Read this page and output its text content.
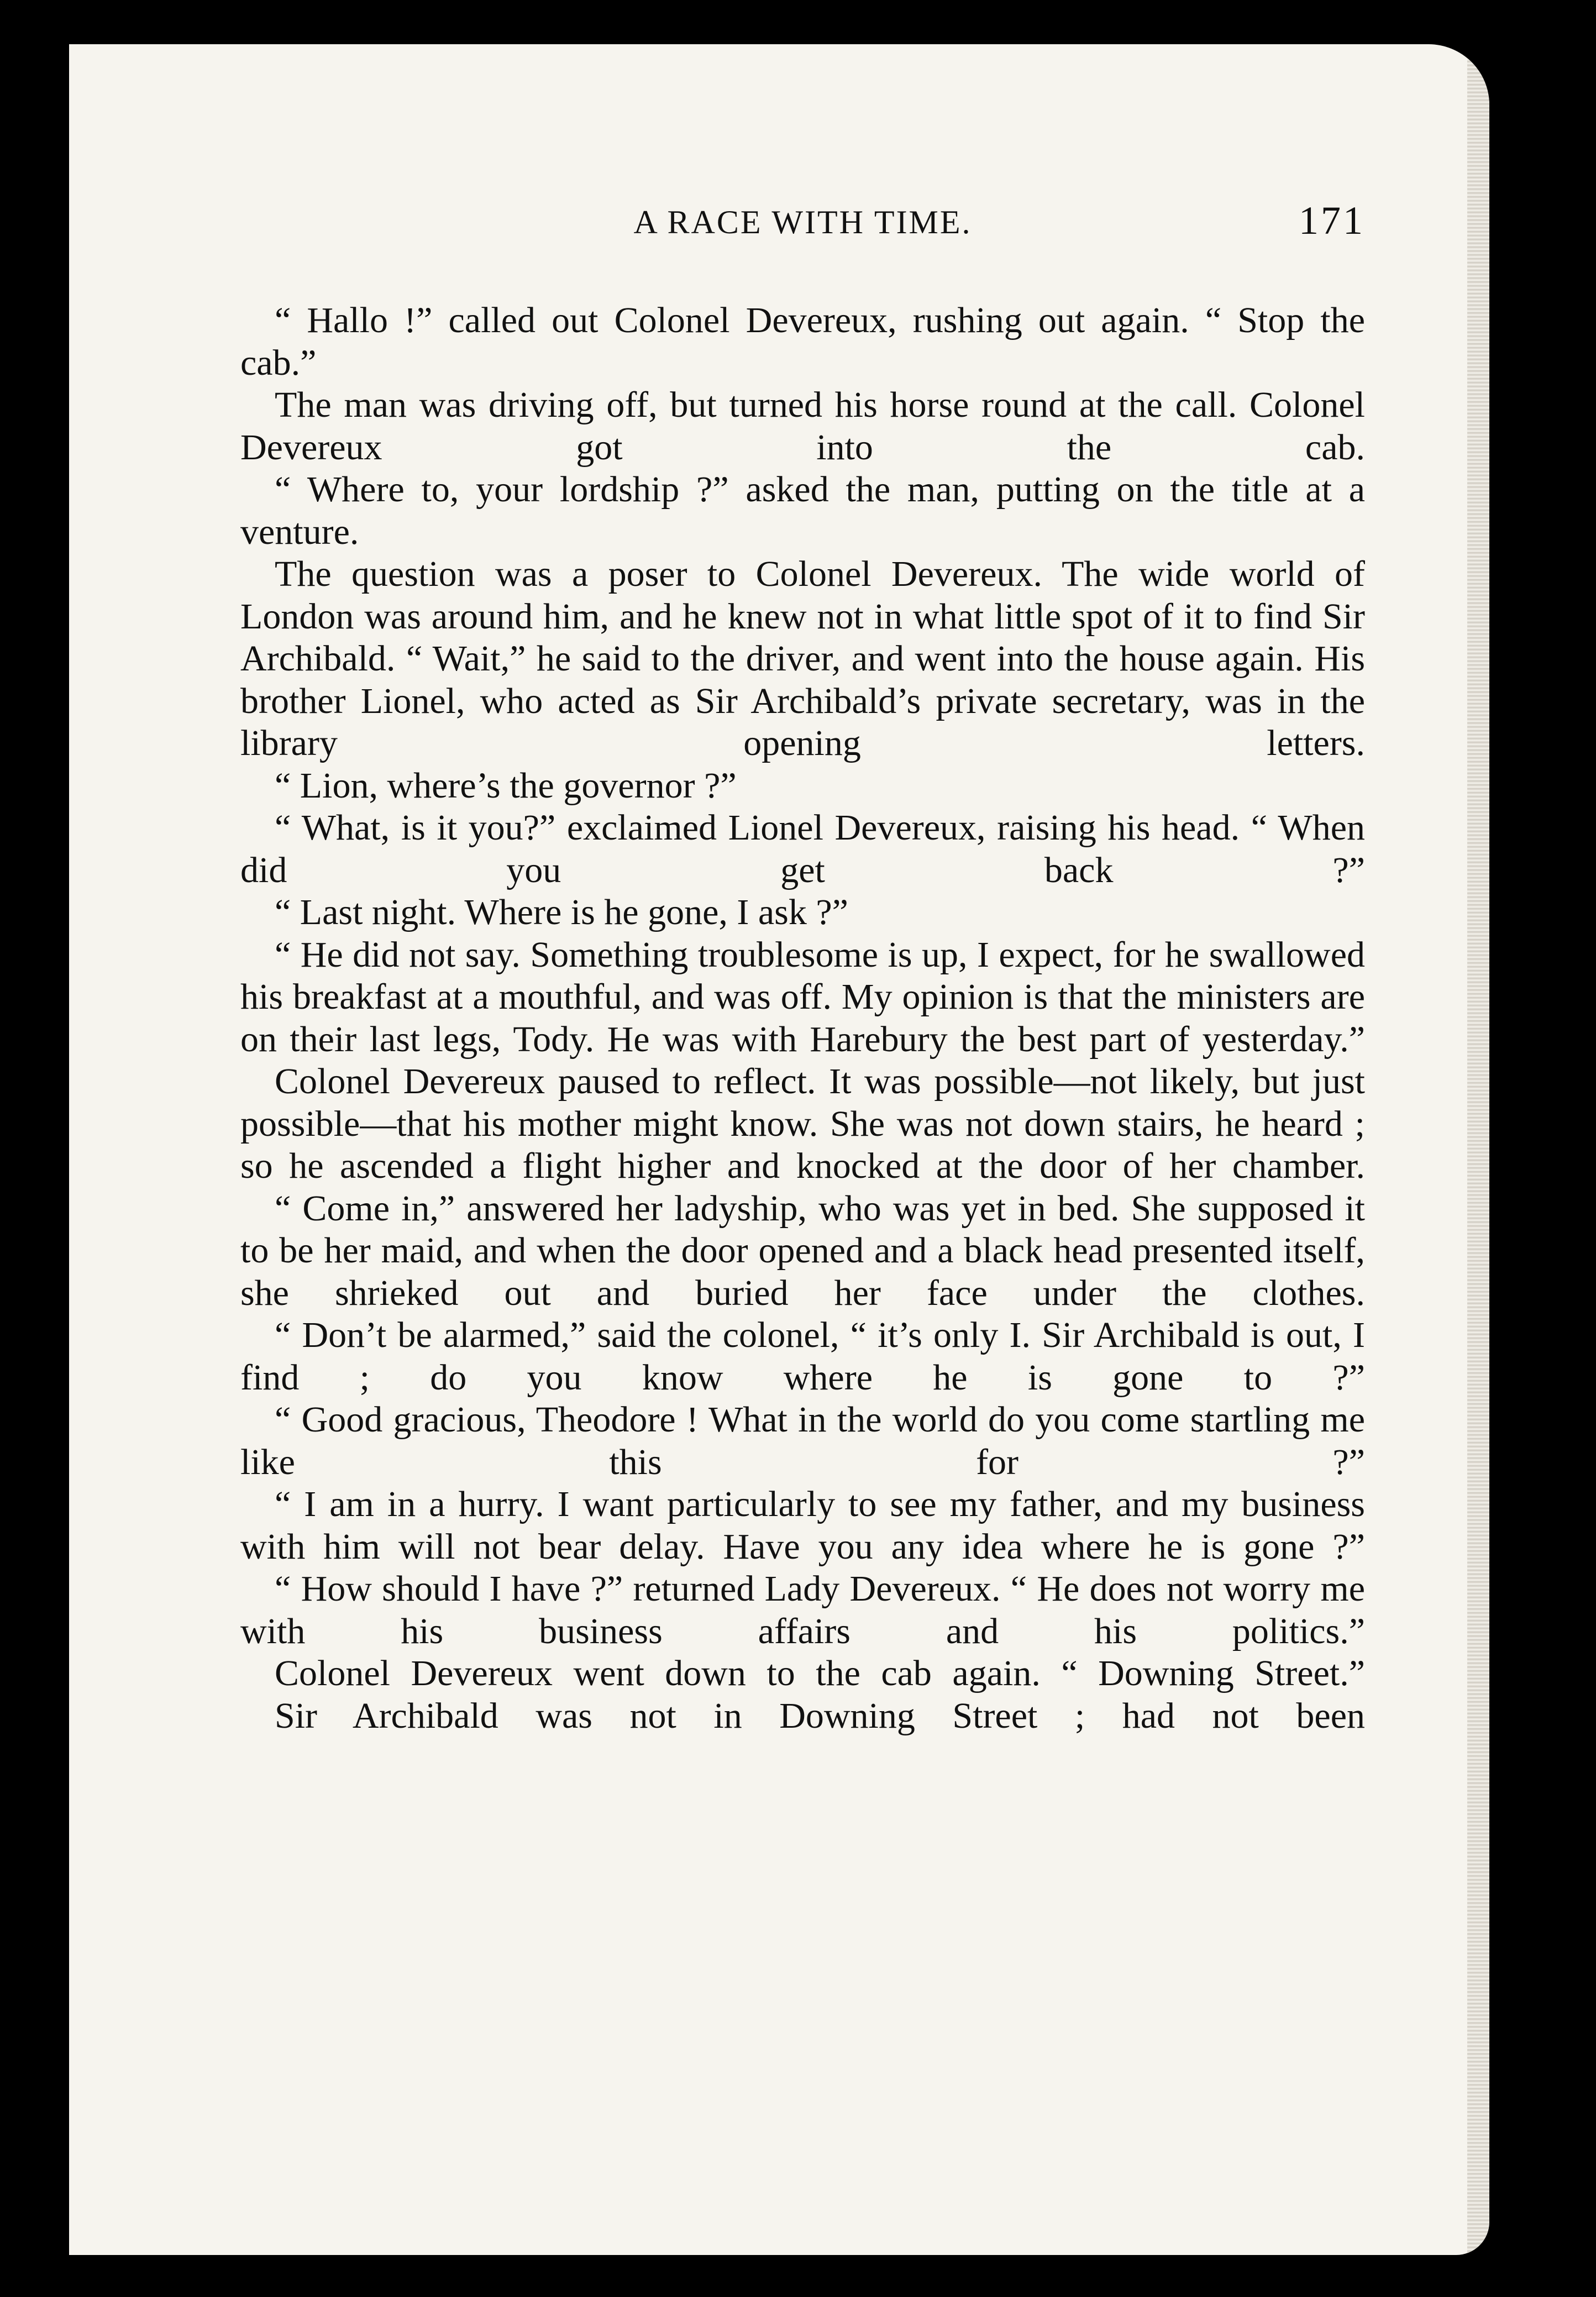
A RACE WITH TIME.	171

“ Hallo !” called out Colonel Devereux, rushing out again. “ Stop the cab.”

The man was driving off, but turned his horse round at the call. Colonel Devereux got into the cab.

“ Where to, your lordship ?” asked the man, putting on the title at a venture.

The question was a poser to Colonel Devereux. The wide world of London was around him, and he knew not in what little spot of it to find Sir Archibald. “ Wait,” he said to the driver, and went into the house again. His brother Lionel, who acted as Sir Archibald’s private secretary, was in the library opening letters.

“ Lion, where’s the governor ?”

“ What, is it you?” exclaimed Lionel Devereux, raising his head. “ When did you get back ?”

“ Last night. Where is he gone, I ask ?”

“ He did not say. Something troublesome is up, I expect, for he swallowed his breakfast at a mouthful, and was off. My opinion is that the ministers are on their last legs, Tody. He was with Harebury the best part of yesterday.”

Colonel Devereux paused to reflect. It was possible—not likely, but just possible—that his mother might know. She was not down stairs, he heard ; so he ascended a flight higher and knocked at the door of her chamber.

“ Come in,” answered her ladyship, who was yet in bed. She supposed it to be her maid, and when the door opened and a black head presented itself, she shrieked out and buried her face under the clothes.

“ Don’t be alarmed,” said the colonel, “ it’s only I. Sir Archibald is out, I find ; do you know where he is gone to ?”

“ Good gracious, Theodore ! What in the world do you come startling me like this for ?”

“ I am in a hurry. I want particularly to see my father, and my business with him will not bear delay. Have you any idea where he is gone ?”

“ How should I have ?” returned Lady Devereux. “ He does not worry me with his business affairs and his politics.”

Colonel Devereux went down to the cab again. “ Downing Street.”

Sir Archibald was not in Downing Street ; had not been
